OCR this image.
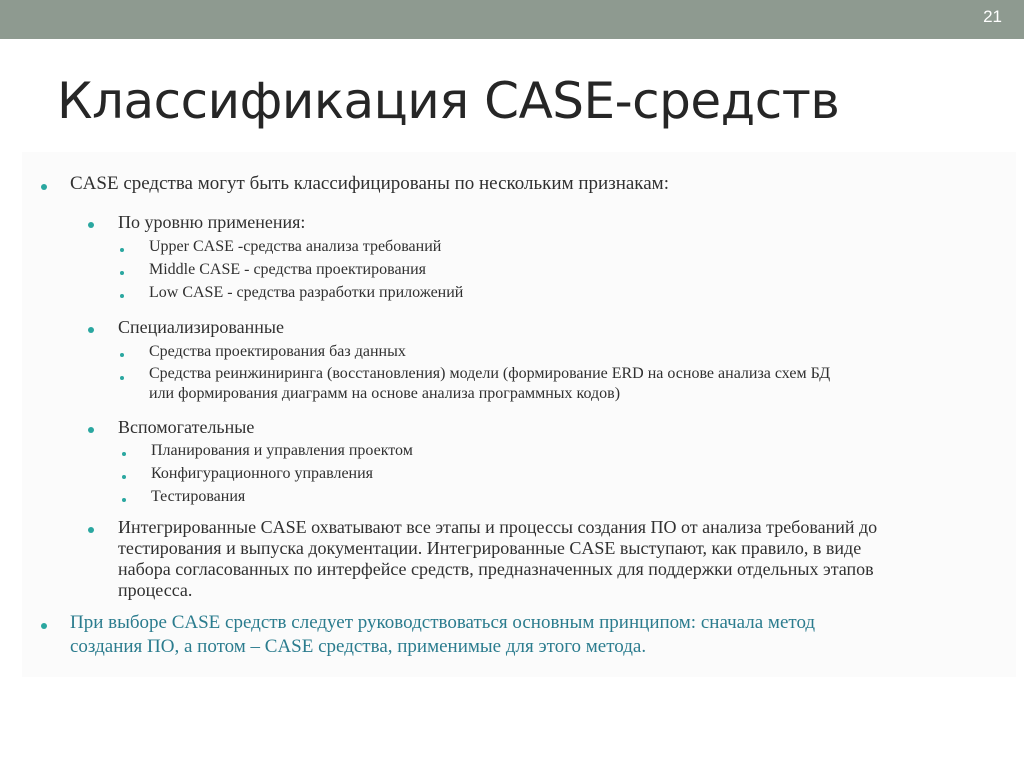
21
Классификация CASE-средств
CASE средства могут быть классифицированы по нескольким признакам:
По уровню применения:
Upper CASE -средства анализа требований
Middle CASE - средства проектирования
Low CASE - средства разработки приложений
Специализированные
Средства проектирования баз данных
Средства реинжиниринга (восстановления) модели (формирование ERD на основе анализа схем БД
или формирования диаграмм на основе анализа программных кодов)
Вспомогательные
Планирования и управления проектом
Конфигурационного управления
Тестирования
Интегрированные CASE охватывают все этапы и процессы создания ПО от анализа требований до
тестирования и выпуска документации. Интегрированные CASE выступают, как правило, в виде
набора согласованных по интерфейсе средств, предназначенных для поддержки отдельных этапов
процесса.
При выборе CASE средств следует руководствоваться основным принципом: сначала метод
создания ПО, а потом – CASE средства, применимые для этого метода.
